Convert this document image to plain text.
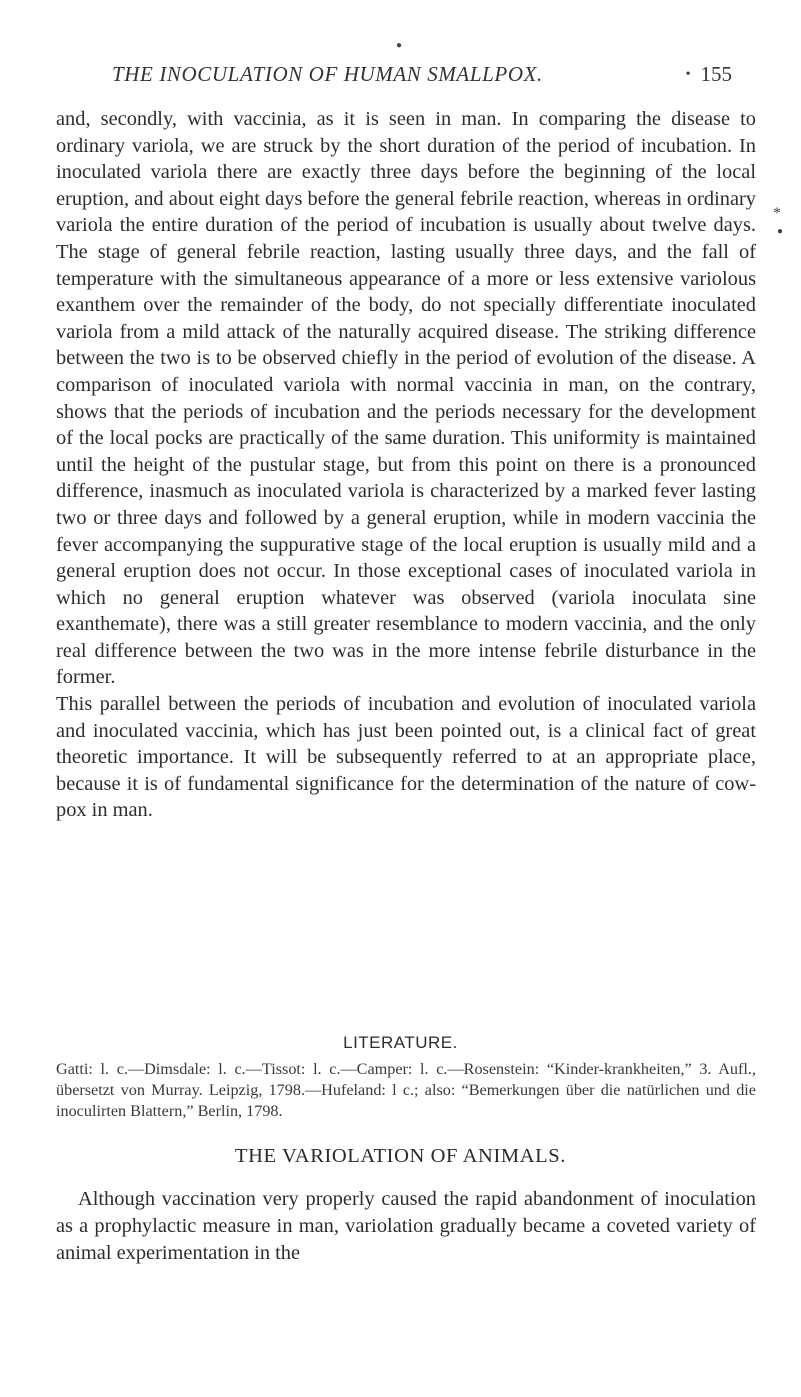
●
*
●
THE INOCULATION OF HUMAN SMALLPOX.	• 155

and, secondly, with vaccinia, as it is seen in man. In comparing the disease to ordinary variola, we are struck by the short duration of the period of incubation. In inoculated variola there are exactly three days before the beginning of the local eruption, and about eight days before the general febrile reaction, whereas in ordinary variola the entire duration of the period of incubation is usually about twelve days. The stage of general febrile reaction, lasting usually three days, and the fall of temperature with the simultaneous appearance of a more or less extensive variolous exanthem over the remainder of the body, do not specially differentiate inoculated variola from a mild attack of the naturally acquired disease. The striking difference between the two is to be observed chiefly in the period of evolution of the disease. A comparison of inoculated variola with normal vaccinia in man, on the contrary, shows that the periods of incubation and the periods necessary for the development of the local pocks are practically of the same duration. This uniformity is maintained until the height of the pustular stage, but from this point on there is a pronounced difference, inasmuch as inoculated variola is characterized by a marked fever lasting two or three days and followed by a general eruption, while in modern vaccinia the fever accompanying the suppurative stage of the local eruption is usually mild and a general eruption does not occur. In those exceptional cases of inoculated variola in which no general eruption whatever was observed (variola inoculata sine exanthemate), there was a still greater resemblance to modern vaccinia, and the only real difference between the two was in the more intense febrile disturbance in the former.

This parallel between the periods of incubation and evolution of inoculated variola and inoculated vaccinia, which has just been pointed out, is a clinical fact of great theoretic importance. It will be subsequently referred to at an appropriate place, because it is of fundamental significance for the determination of the nature of cow-pox in man.

LITERATURE.
Gatti: l. c.—Dimsdale: l. c.—Tissot: l. c.—Camper: l. c.—Rosenstein: “Kinder-krankheiten,” 3. Aufl., übersetzt von Murray. Leipzig, 1798.—Hufeland: l c.; also: “Bemerkungen über die natürlichen und die inoculirten Blattern,” Berlin, 1798.
THE VARIOLATION OF ANIMALS.

Although vaccination very properly caused the rapid abandonment of inoculation as a prophylactic measure in man, variolation gradually became a coveted variety of animal experimentation in the
